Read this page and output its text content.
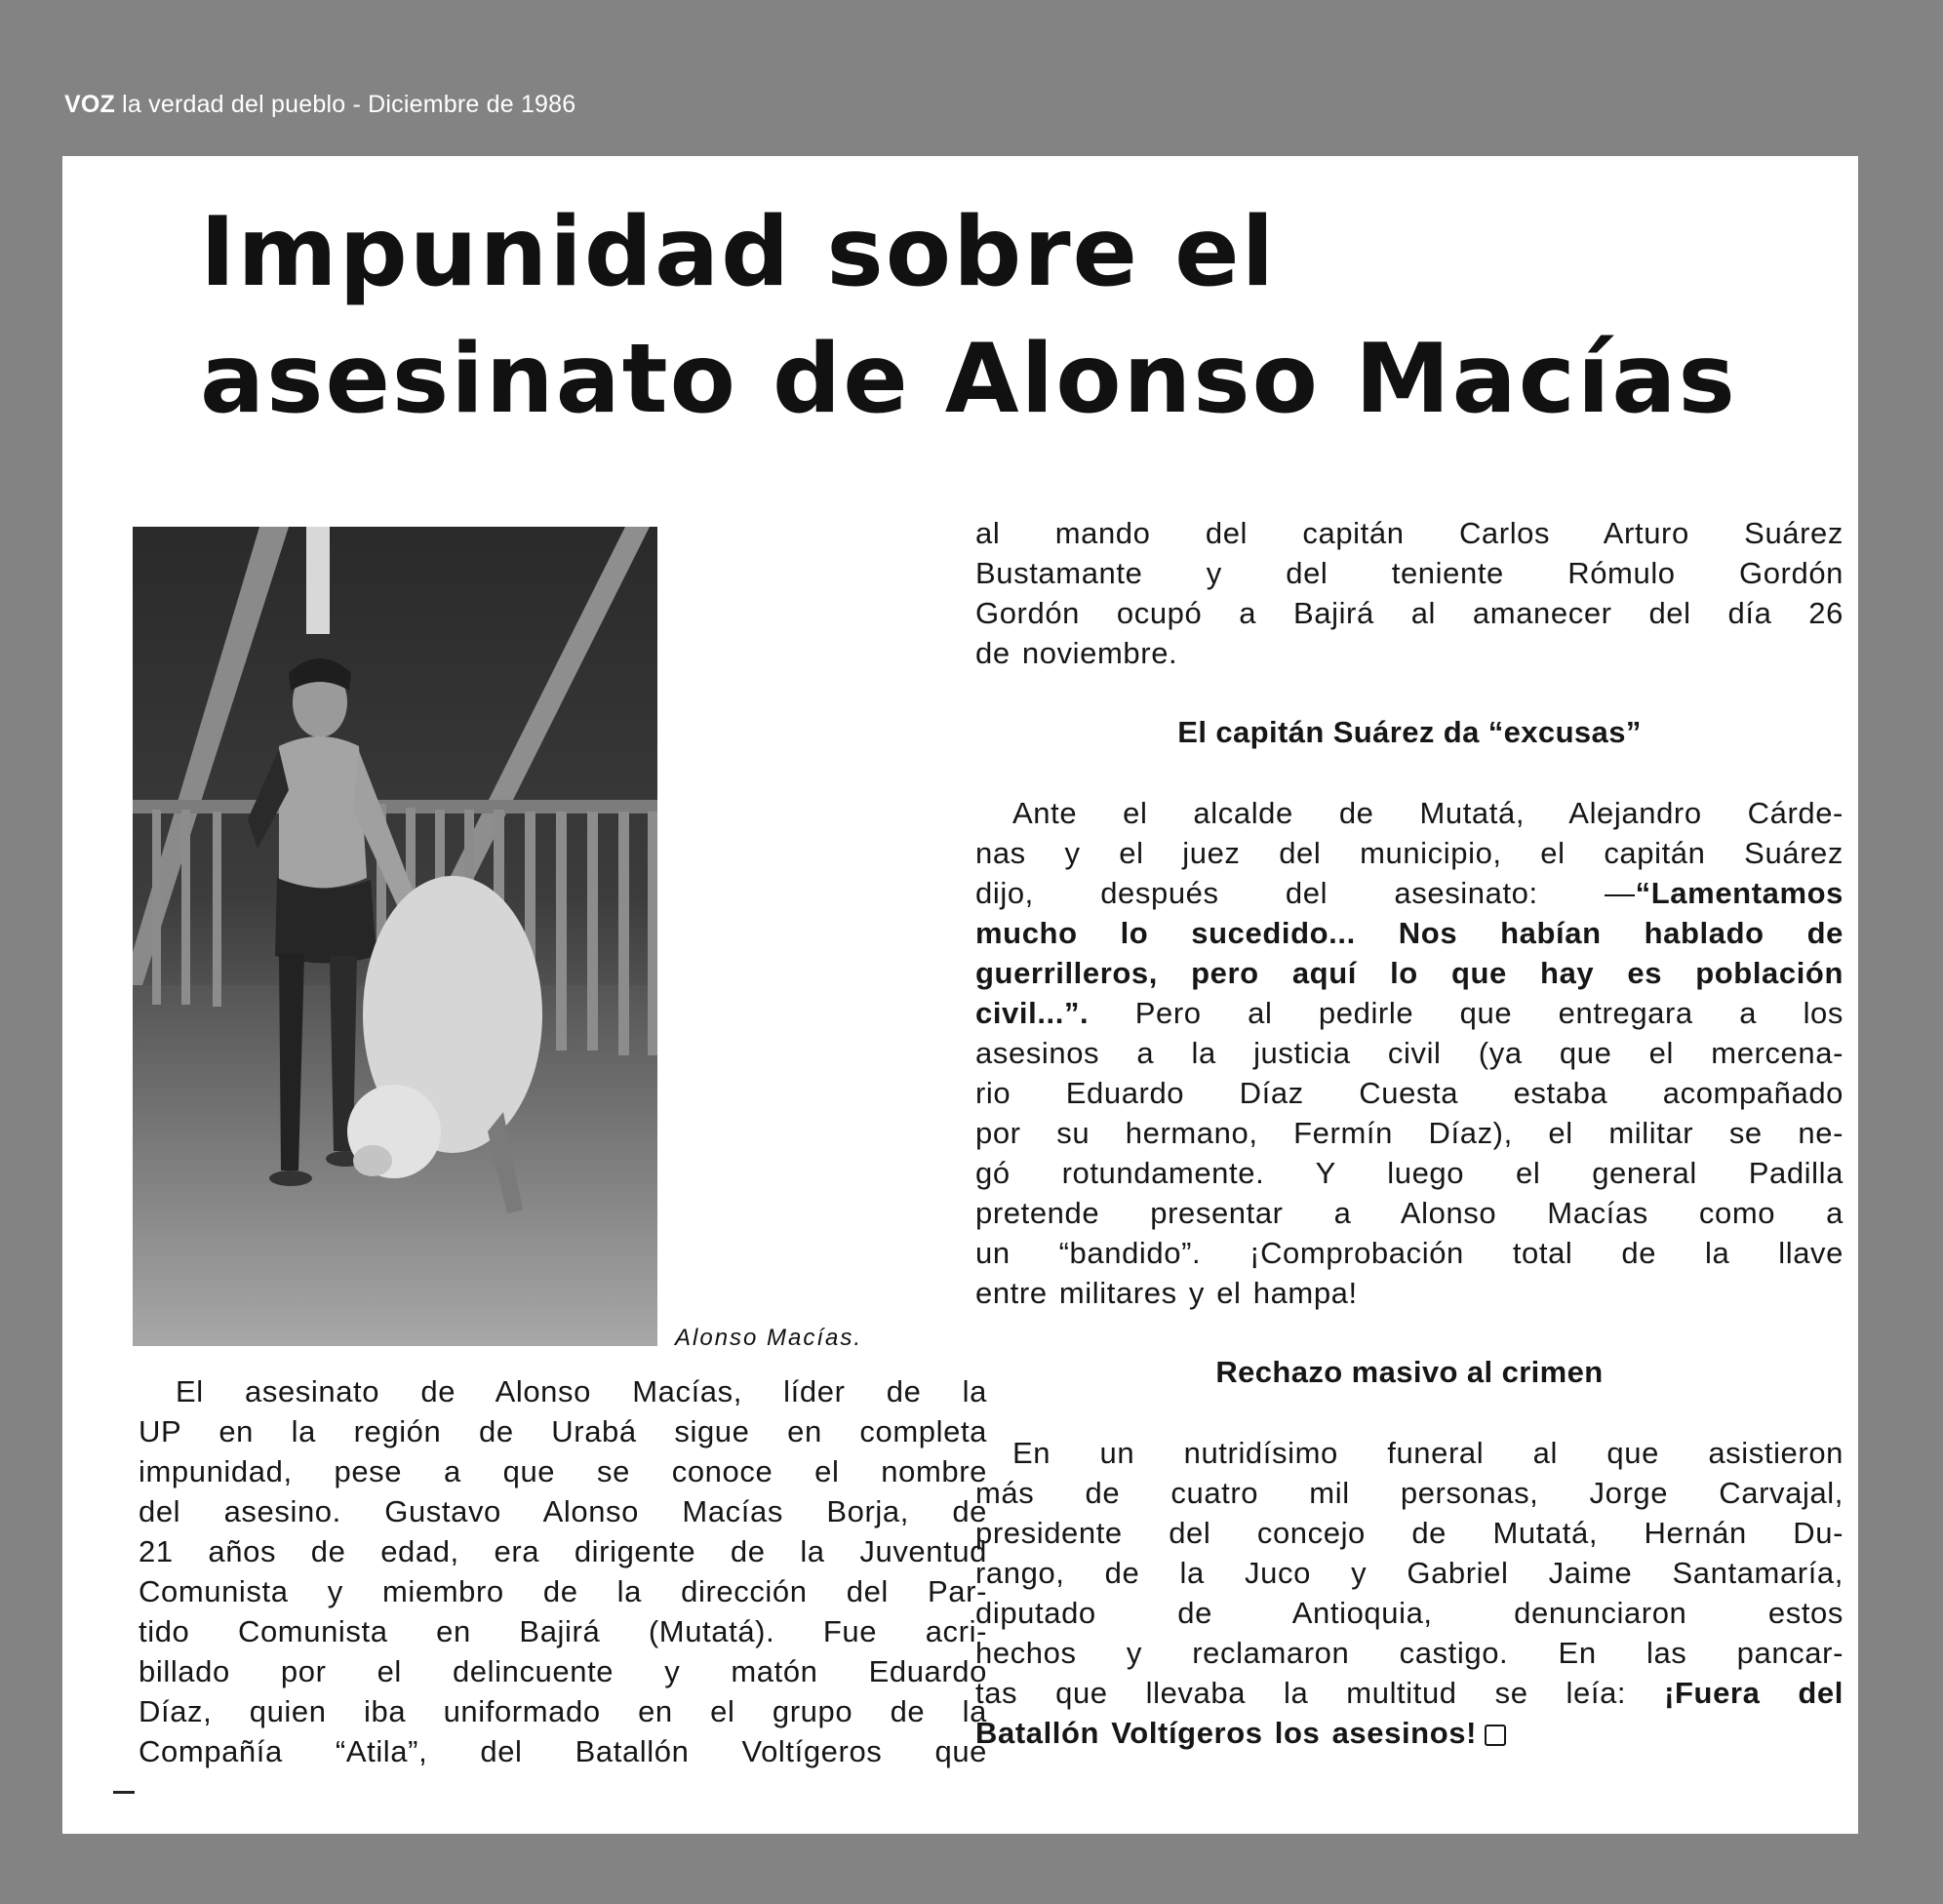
VOZ la verdad del pueblo - Diciembre de 1986
Impunidad sobre el
asesinato de Alonso Macías
Alonso Macías.
El asesinato de Alonso Macías, líder de la
UP en la región de Urabá sigue en completa
impunidad, pese a que se conoce el nombre
del asesino. Gustavo Alonso Macías Borja, de
21 años de edad, era dirigente de la Juventud
Comunista y miembro de la dirección del Par-
tido Comunista en Bajirá (Mutatá). Fue acri-
billado por el delincuente y matón Eduardo
Díaz, quien iba uniformado en el grupo de la
Compañía “Atila”, del Batallón Voltígeros que
al mando del capitán Carlos Arturo Suárez
Bustamante y del teniente Rómulo Gordón
Gordón ocupó a Bajirá al amanecer del día 26
de noviembre.
El capitán Suárez da “excusas”
Ante el alcalde de Mutatá, Alejandro Cárde-
nas y el juez del municipio, el capitán Suárez
dijo, después del asesinato: —“Lamentamos
mucho lo sucedido... Nos habían hablado de
guerrilleros, pero aquí lo que hay es población
civil...”. Pero al pedirle que entregara a los
asesinos a la justicia civil (ya que el mercena-
rio Eduardo Díaz Cuesta estaba acompañado
por su hermano, Fermín Díaz), el militar se ne-
gó rotundamente. Y luego el general Padilla
pretende presentar a Alonso Macías como a
un “bandido”. ¡Comprobación total de la llave
entre militares y el hampa!
Rechazo masivo al crimen
En un nutridísimo funeral al que asistieron
más de cuatro mil personas, Jorge Carvajal,
presidente del concejo de Mutatá, Hernán Du-
rango, de la Juco y Gabriel Jaime Santamaría,
diputado de Antioquia, denunciaron estos
hechos y reclamaron castigo. En las pancar-
tas que llevaba la multitud se leía: ¡Fuera del
Batallón Voltígeros los asesinos!
